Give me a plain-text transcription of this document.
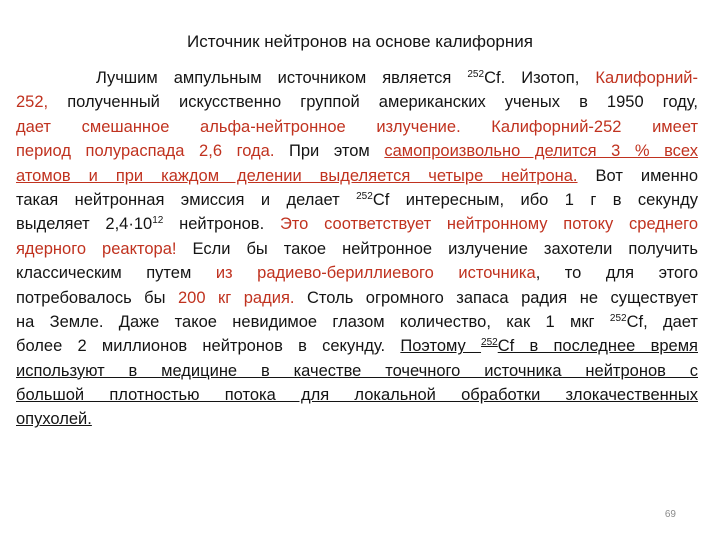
Источник нейтронов на основе калифорния
Лучшим ампульным источником является $^{252}$Cf. Изотоп, Калифорний-
252, полученный искусственно группой американских ученых в 1950 году,
дает смешанное альфа-нейтронное излучение. Калифорний-252 имеет
период полураспада 2,6 года. При этом самопроизвольно делится 3 % всех
атомов и при каждом делении выделяется четыре нейтрона. Вот именно
такая нейтронная эмиссия и делает $^{252}$Cf интересным, ибо 1 г в секунду
выделяет $2,4\cdot 10^{12}$ нейтронов. Это соответствует нейтронному потоку среднего
ядерного реактора! Если бы такое нейтронное излучение захотели получить
классическим путем из радиево-бериллиевого источника, то для этого
потребовалось бы 200 кг радия. Столь огромного запаса радия не существует
на Земле. Даже такое невидимое глазом количество, как 1 мкг $^{252}$Cf, дает
более 2 миллионов нейтронов в секунду. Поэтому $^{252}$Cf в последнее время
используют в медицине в качестве точечного источника нейтронов с
большой плотностью потока для локальной обработки злокачественных
опухолей.
69
